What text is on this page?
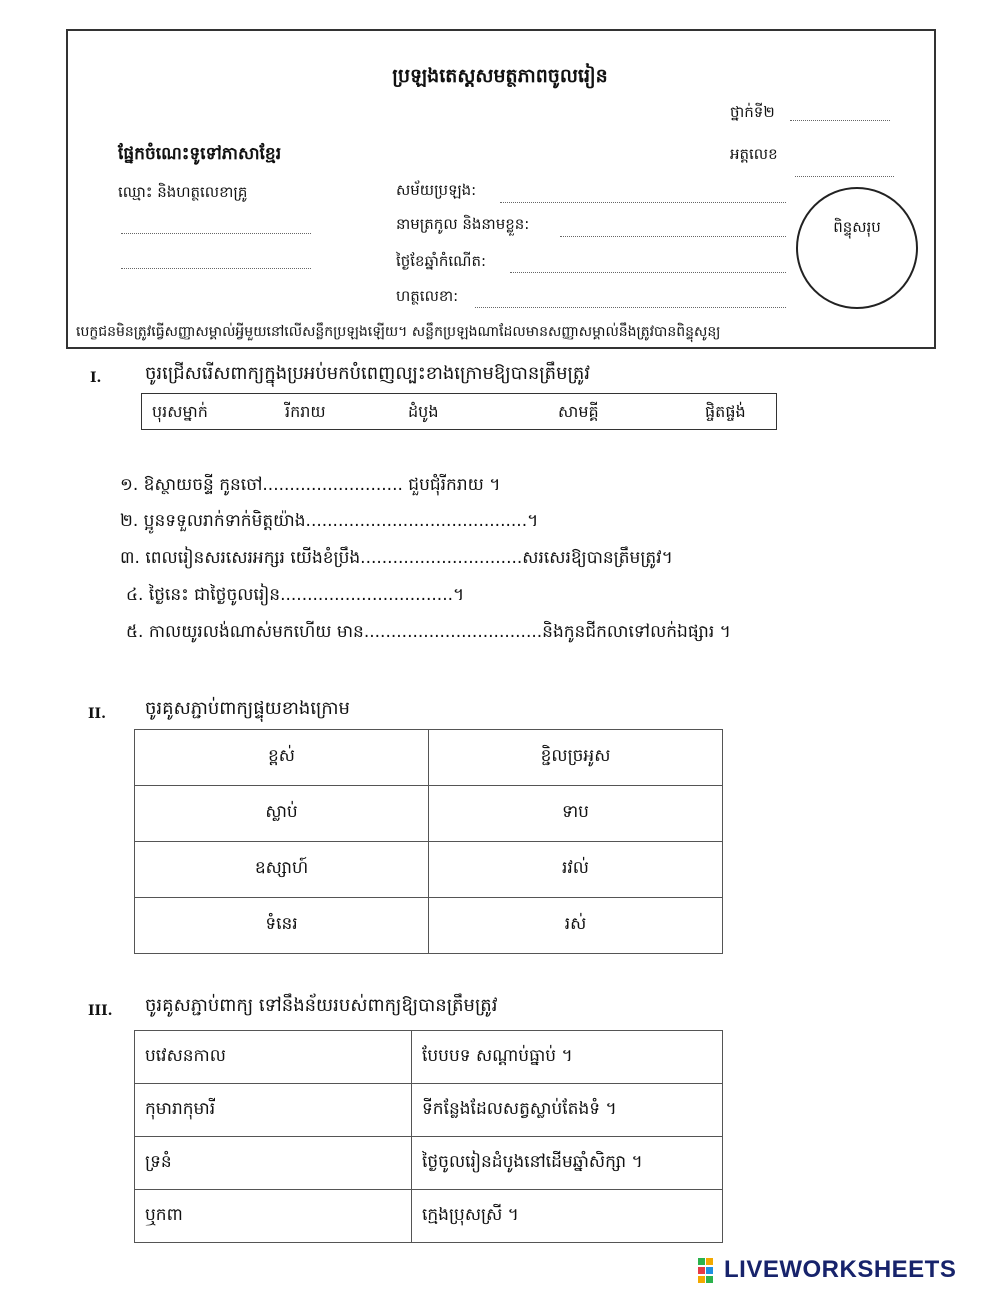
ប្រឡងតេស្តសមត្ថភាពចូលរៀន
ថ្នាក់ទី២
ផ្នែកចំណេះទូទៅភាសាខ្មែរ	អត្តលេខ
ឈ្មោះ និងហត្ថលេខាគ្រូ	សម័យប្រឡង:
នាមត្រកូល និងនាមខ្លួន:
ថ្ងៃខែឆ្នាំកំណើត:
ហត្ថលេខា:
ពិន្ទុសរុប
បេក្ខជនមិនត្រូវធ្វើសញ្ញាសម្គាល់អ្វីមួយនៅលើសន្លឹកប្រឡងឡើយ។ សន្លឹកប្រឡងណាដែលមានសញ្ញាសម្គាល់នឹងត្រូវបានពិន្ទុសូន្យ
I. ចូរជ្រើសរើសពាក្យក្នុងប្រអប់មកបំពេញល្បះខាងក្រោមឱ្យបានត្រឹមត្រូវ
បុរសម្នាក់	រីករាយ	ដំបូង	សាមគ្គី	ផ្ចិតផ្ចង់
១. ឱស្ថាយចន្ទី កូនចៅ.......................... ជួបជុំរីករាយ ។
២. ប្អូនទទួលរាក់ទាក់មិត្តយ៉ាង.........................................។
៣. ពេលរៀនសរសេរអក្សរ យើងខំប្រឹង..............................សរសេរឱ្យបានត្រឹមត្រូវ។
៤. ថ្ងៃនេះ ជាថ្ងៃចូលរៀន................................។
៥. កាលយូរលង់ណាស់មកហើយ មាន.................................និងកូនជីកលាទៅលក់ឯផ្សារ ។
II. ចូរគូសភ្ជាប់ពាក្យផ្ទុយខាងក្រោម
ខ្ពស់	ខ្ជិលច្រអូស
ស្លាប់	ទាប
ឧស្សាហ៍	រវល់
ទំនេរ	រស់
III. ចូរគូសភ្ជាប់ពាក្យ ទៅនឹងន័យរបស់ពាក្យឱ្យបានត្រឹមត្រូវ
បវេសនកាល	បែបបទ សណ្ដាប់ធ្នាប់ ។
កុមារាកុមារី	ទីកន្លែងដែលសត្វស្លាប់តែងទំ ។
ទ្រនំ	ថ្ងៃចូលរៀនដំបូងនៅដើមឆ្នាំសិក្សា ។
ឬកពា	ក្មេងប្រុសស្រី ។
LIVEWORKSHEETS
